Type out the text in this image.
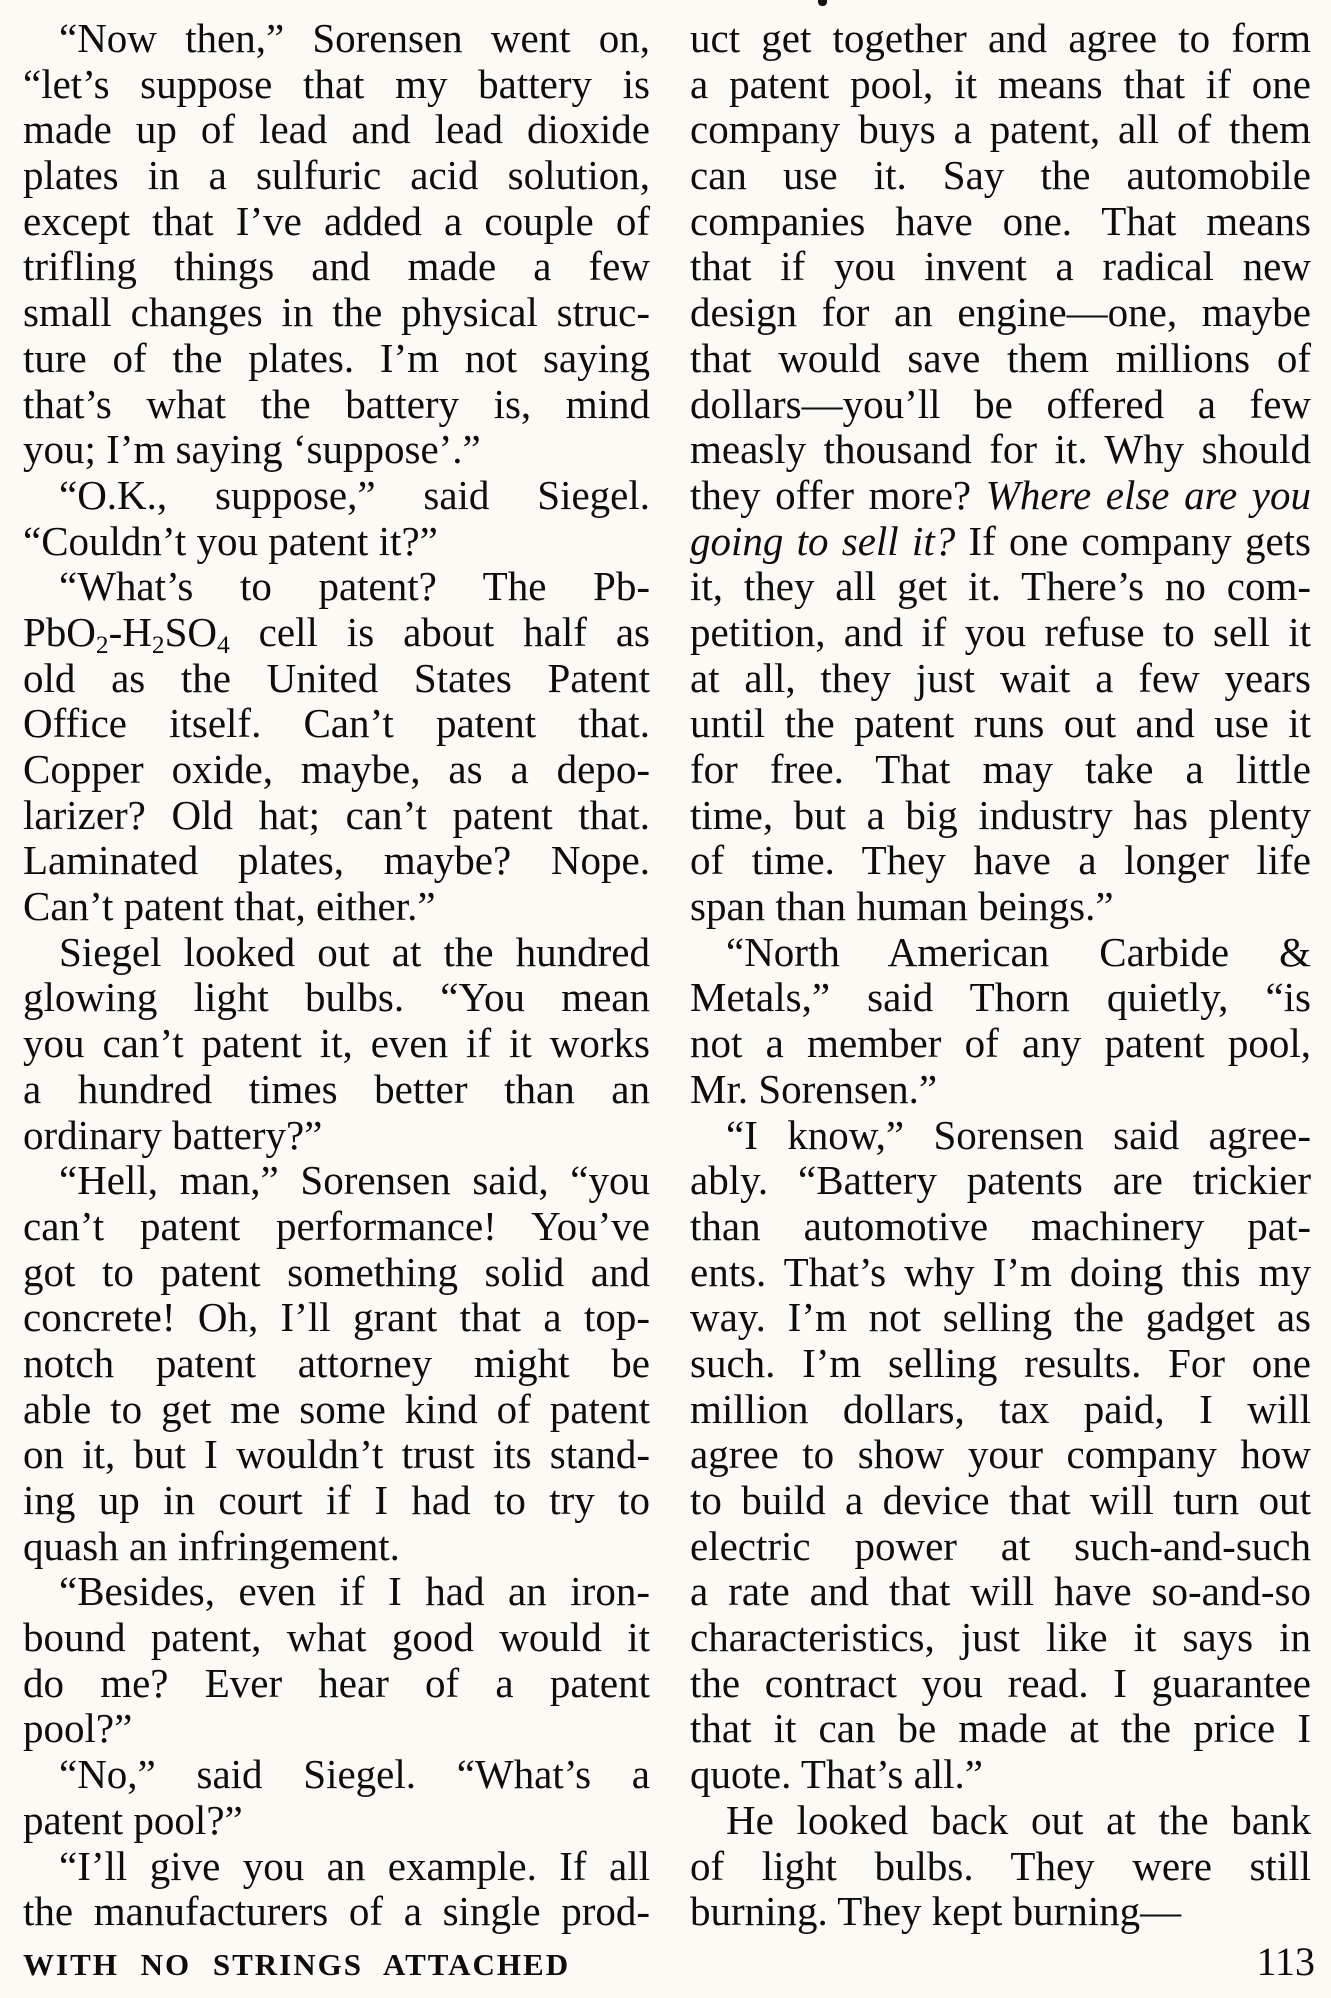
“Now then,” Sorensen went on,
“let’s suppose that my battery is
made up of lead and lead dioxide
plates in a sulfuric acid solution,
except that I’ve added a couple of
trifling things and made a few
small changes in the physical struc-
ture of the plates. I’m not saying
that’s what the battery is, mind
you; I’m saying ‘suppose’.”
“O.K., suppose,” said Siegel.
“Couldn’t you patent it?”
“What’s to patent? The Pb-
$PbO_2-H_2SO_4$ cell is about half as
old as the United States Patent
Office itself. Can’t patent that.
Copper oxide, maybe, as a depo-
larizer? Old hat; can’t patent that.
Laminated plates, maybe? Nope.
Can’t patent that, either.”
Siegel looked out at the hundred
glowing light bulbs. “You mean
you can’t patent it, even if it works
a hundred times better than an
ordinary battery?”
“Hell, man,” Sorensen said, “you
can’t patent performance! You’ve
got to patent something solid and
concrete! Oh, I’ll grant that a top-
notch patent attorney might be
able to get me some kind of patent
on it, but I wouldn’t trust its stand-
ing up in court if I had to try to
quash an infringement.
“Besides, even if I had an iron-
bound patent, what good would it
do me? Ever hear of a patent
pool?”
“No,” said Siegel. “What’s a
patent pool?”
“I’ll give you an example. If all
the manufacturers of a single prod-
uct get together and agree to form
a patent pool, it means that if one
company buys a patent, all of them
can use it. Say the automobile
companies have one. That means
that if you invent a radical new
design for an engine—one, maybe
that would save them millions of
dollars—you’ll be offered a few
measly thousand for it. Why should
they offer more? Where else are you
going to sell it? If one company gets
it, they all get it. There’s no com-
petition, and if you refuse to sell it
at all, they just wait a few years
until the patent runs out and use it
for free. That may take a little
time, but a big industry has plenty
of time. They have a longer life
span than human beings.”
“North American Carbide &
Metals,” said Thorn quietly, “is
not a member of any patent pool,
Mr. Sorensen.”
“I know,” Sorensen said agree-
ably. “Battery patents are trickier
than automotive machinery pat-
ents. That’s why I’m doing this my
way. I’m not selling the gadget as
such. I’m selling results. For one
million dollars, tax paid, I will
agree to show your company how
to build a device that will turn out
electric power at such-and-such
a rate and that will have so-and-so
characteristics, just like it says in
the contract you read. I guarantee
that it can be made at the price I
quote. That’s all.”
He looked back out at the bank
of light bulbs. They were still
burning. They kept burning—
WITH NO STRINGS ATTACHED	113
